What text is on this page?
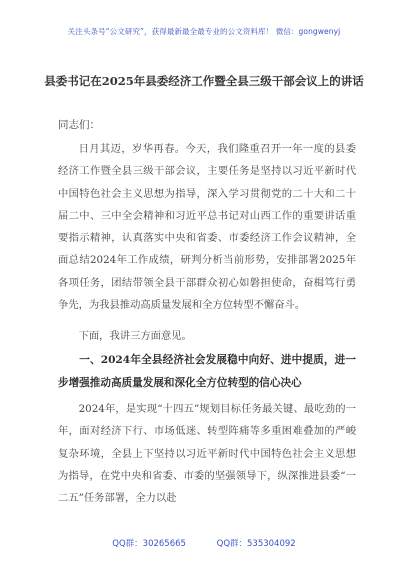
关注头条号“公文研究”，获得最新最全最专业的公文资料库！ 微信：gongwenyj
县委书记在2025年县委经济工作暨全县三级干部会议上的讲话
同志们：

日月其迈，岁华再春。今天，我们隆重召开一年一度的县委经济工作暨全县三级干部会议，主要任务是坚持以习近平新时代中国特色社会主义思想为指导，深入学习贯彻党的二十大和二十届二中、三中全会精神和习近平总书记对山西工作的重要讲话重要指示精神，认真落实中央和省委、市委经济工作会议精神，全面总结2024年工作成绩，研判分析当前形势，安排部署2025年各项任务，团结带领全县干部群众初心如磐担使命，奋楫笃行勇争先，为我县推动高质量发展和全方位转型不懈奋斗。

下面，我讲三方面意见。

一、2024年全县经济社会发展稳中向好、进中提质，进一步增强推动高质量发展和深化全方位转型的信心决心

2024年，是实现“十四五”规划目标任务最关键、最吃劲的一年，面对经济下行、市场低迷、转型阵痛等多重困难叠加的严峻复杂环境，全县上下坚持以习近平新时代中国特色社会主义思想为指导，在党中央和省委、市委的坚强领导下，纵深推进县委“一二五”任务部署，全力以赴

QQ群：30265665	QQ群：535304092
